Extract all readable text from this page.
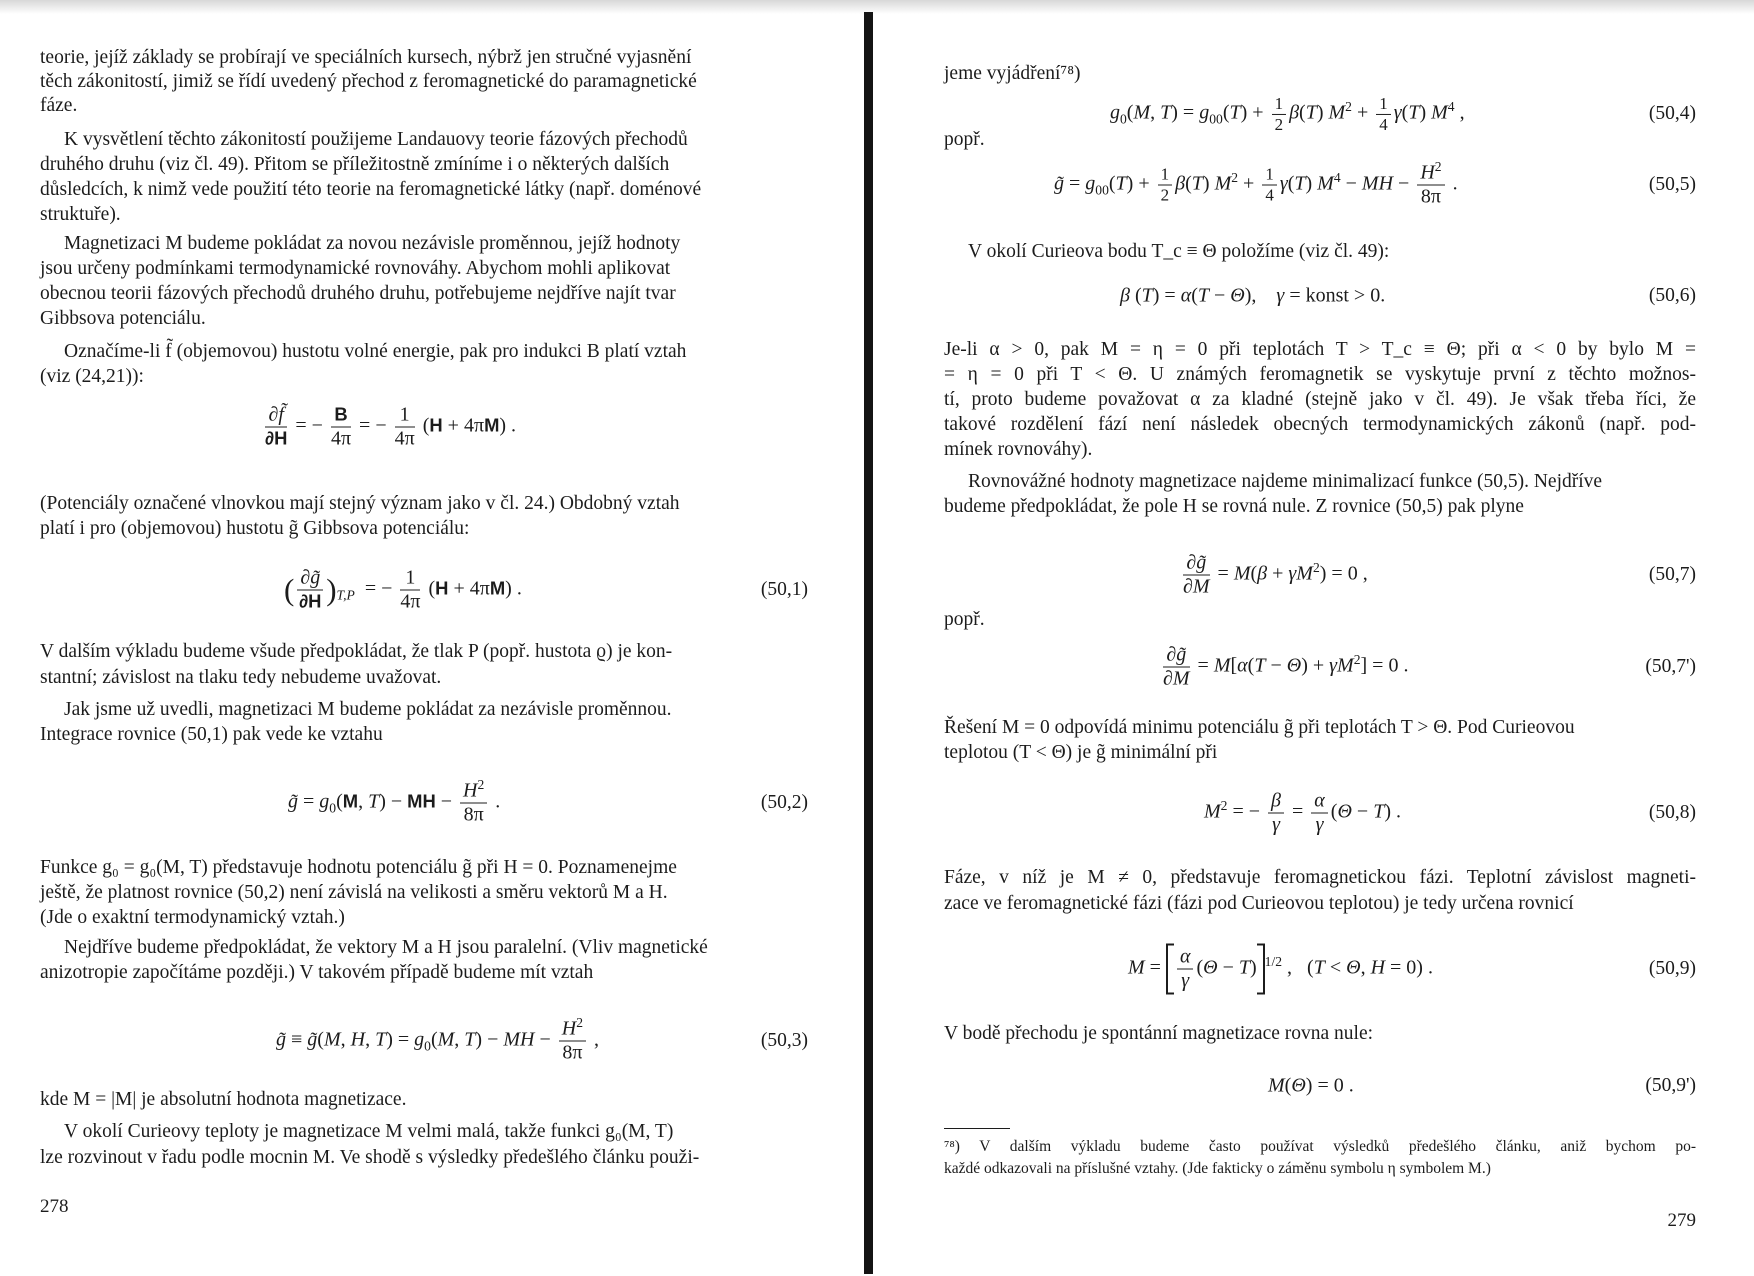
teorie, jejíž základy se probírají ve speciálních kursech, nýbrž jen stručné vyjasnění
těch zákonitostí, jimiž se řídí uvedený přechod z feromagnetické do paramagnetické
fáze.
K vysvětlení těchto zákonitostí použijeme Landauovy teorie fázových přechodů
druhého druhu (viz čl. 49). Přitom se příležitostně zmíníme i o některých dalších
důsledcích, k nimž vede použití této teorie na feromagnetické látky (např. doménové
struktuře).
Magnetizaci M budeme pokládat za novou nezávisle proměnnou, jejíž hodnoty
jsou určeny podmínkami termodynamické rovnováhy. Abychom mohli aplikovat
obecnou teorii fázových přechodů druhého druhu, potřebujeme nejdříve najít tvar
Gibbsova potenciálu.
Označíme-li f̃ (objemovou) hustotu volné energie, pak pro indukci B platí vztah
(viz (24,21)):
$\frac{\partial f̃}{\partial H}$ = − $\frac{B}{4\pi}$ = − $\frac{1}{4\pi} (H + 4\pi M)$ .
(Potenciály označené vlnovkou mají stejný význam jako v čl. 24.) Obdobný vztah
platí i pro (objemovou) hustotu g̃ Gibbsova potenciálu:
( $\frac{\partial g̃}{\partial H} )_{T,P}$  = − $\frac{1}{4\pi} (H + 4\pi M)$ .	(50,1)
V dalším výkladu budeme všude předpokládat, že tlak P (popř. hustota ϱ) je kon-
stantní; závislost na tlaku tedy nebudeme uvažovat.
Jak jsme už uvedli, magnetizaci M budeme pokládat za nezávisle proměnnou.
Integrace rovnice (50,1) pak vede ke vztahu
g̃ = $g_0(M$, T) − MH − $\frac{H^2}{8\pi}$ .	(50,2)
Funkce g₀ = g₀(M, T) představuje hodnotu potenciálu g̃ při H = 0. Poznamenejme
ještě, že platnost rovnice (50,2) není závislá na velikosti a směru vektorů M a H.
(Jde o exaktní termodynamický vztah.)
Nejdříve budeme předpokládat, že vektory M a H jsou paralelní. (Vliv magnetické
anizotropie započítáme později.) V takovém případě budeme mít vztah
g̃ ≡ g̃(M, H, $T) = g_0(M$, T) − MH − $\frac{H^2}{8\pi}$ ,	(50,3)
kde M = |M| je absolutní hodnota magnetizace.
V okolí Curieovy teploty je magnetizace M velmi malá, takže funkci g₀(M, T)
lze rozvinout v řadu podle mocnin M. Ve shodě s výsledky předešlého článku použi-
278
jeme vyjádření⁷⁸)
$g_0(M$, $T) = g_{00}(T) + \frac{1}{2} \beta(T) M^2 + \frac{1}{4} \gamma(T)$ $M^4$ ,	(50,4)
popř.
g̃ = $g_{00}(T) + \frac{1}{2} \beta(T) M^2 + \frac{1}{4} \gamma(T) M^4$ − MH − $\frac{H^2}{8\pi}$ .	(50,5)
V okolí Curieova bodu T_c ≡ Θ položíme (viz čl. 49):
β (T) = α(T − Θ),    γ = konst > 0.	(50,6)
Je-li α > 0, pak M = η = 0 při teplotách T > T_c ≡ Θ; při α < 0 by bylo M =
= η = 0 při T < Θ. U známých feromagnetik se vyskytuje první z těchto možnos-
tí, proto budeme považovat α za kladné (stejně jako v čl. 49). Je však třeba říci, že
takové rozdělení fází není následek obecných termodynamických zákonů (např. pod-
mínek rovnováhy).
Rovnovážné hodnoty magnetizace najdeme minimalizací funkce (50,5). Nejdříve
budeme předpokládat, že pole H se rovná nule. Z rovnice (50,5) pak plyne
$\frac{\partial g̃}{\partial M} = M(\beta + \gamma M^2) = 0$ ,	(50,7)
popř.
$\frac{\partial g̃}{\partial M} = M[\alpha(T - \Theta) + \gamma M^2] = 0$ .	(50,7')
Řešení M = 0 odpovídá minimu potenciálu g̃ při teplotách T > Θ. Pod Curieovou
teplotou (T < Θ) je g̃ minimální při
$M^2$ = − $\frac{\beta}{\gamma} = \frac{\alpha}{\gamma} (\Theta - T)$ .	(50,8)
Fáze, v níž je M ≠ 0, představuje feromagnetickou fázi. Teplotní závislost magneti-
zace ve feromagnetické fázi (fázi pod Curieovou teplotou) je tedy určena rovnicí
$M = \frac{\alpha}{\gamma} (\Theta - T)$ $^{1/2}$ ,   (T < Θ, H = 0) .	(50,9)
V bodě přechodu je spontánní magnetizace rovna nule:
M(Θ) = 0 .	(50,9')
⁷⁸) V dalším výkladu budeme často používat výsledků předešlého článku, aniž bychom po-
každé odkazovali na příslušné vztahy. (Jde fakticky o záměnu symbolu η symbolem M.)
279
